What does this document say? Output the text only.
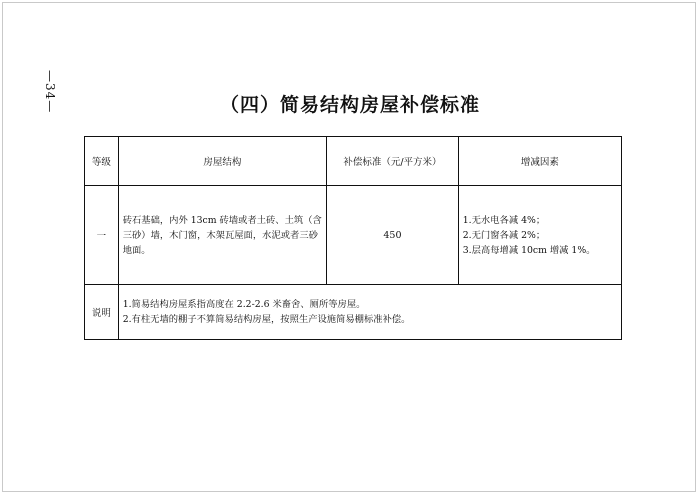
—34—	（四）简易结构房屋补偿标准
等级	房屋结构	补偿标准（元/平方米）	增减因素
一	砖石基础，内外 13cm 砖墙或者土砖、土筑（含三砂）墙，木门窗，木架瓦屋面，水泥或者三砂地面。	450	1.无水电各减 4%；
2.无门窗各减 2%；
3.层高每增减 10cm 增减 1%。

说明	1.简易结构房屋系指高度在 2.2-2.6 米畜舍、厕所等房屋。
2.有柱无墙的棚子不算简易结构房屋，按照生产设施简易棚标准补偿。		
